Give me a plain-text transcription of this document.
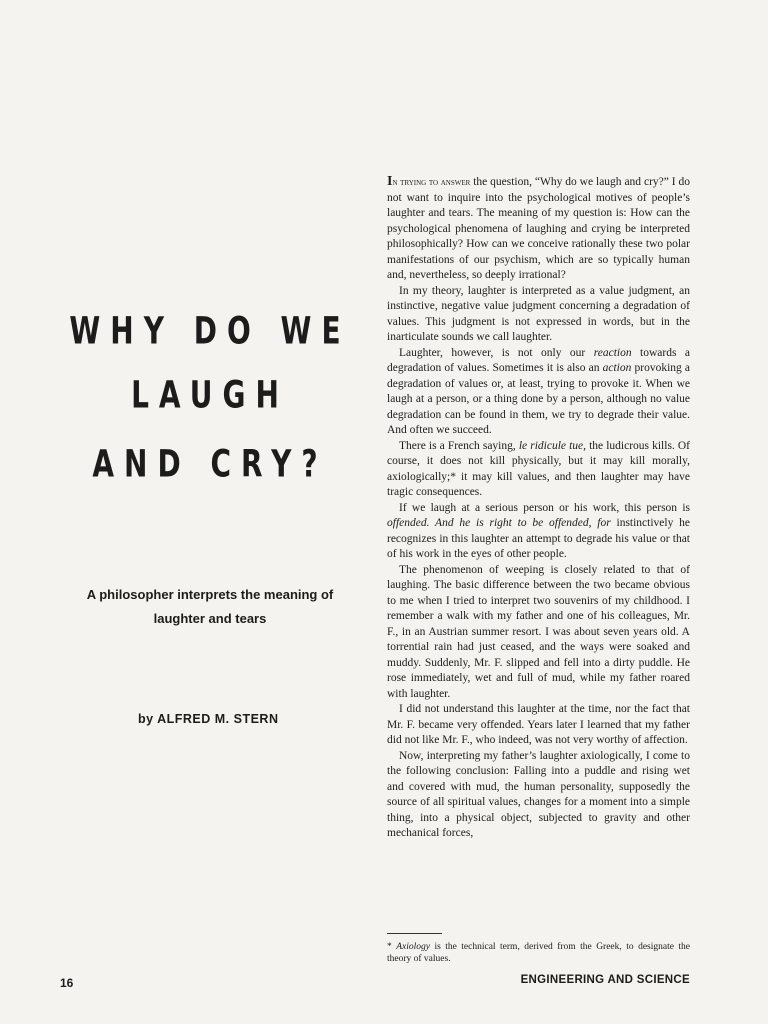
WHY DO WE
LAUGH
AND CRY?

A philosopher interprets the meaning of laughter and tears

by ALFRED M. STERN

In trying to answer the question, “Why do we laugh and cry?” I do not want to inquire into the psychological motives of people’s laughter and tears. The meaning of my question is: How can the psychological phenomena of laughing and crying be interpreted philosophically? How can we conceive rationally these two polar manifestations of our psychism, which are so typically human and, nevertheless, so deeply irrational?

In my theory, laughter is interpreted as a value judgment, an instinctive, negative value judgment concerning a degradation of values. This judgment is not expressed in words, but in the inarticulate sounds we call laughter.

Laughter, however, is not only our reaction towards a degradation of values. Sometimes it is also an action provoking a degradation of values or, at least, trying to provoke it. When we laugh at a person, or a thing done by a person, although no value degradation can be found in them, we try to degrade their value. And often we succeed.

There is a French saying, le ridicule tue, the ludicrous kills. Of course, it does not kill physically, but it may kill morally, axiologically;* it may kill values, and then laughter may have tragic consequences.

If we laugh at a serious person or his work, this person is offended. And he is right to be offended, for instinctively he recognizes in this laughter an attempt to degrade his value or that of his work in the eyes of other people.

The phenomenon of weeping is closely related to that of laughing. The basic difference between the two became obvious to me when I tried to interpret two souvenirs of my childhood. I remember a walk with my father and one of his colleagues, Mr. F., in an Austrian summer resort. I was about seven years old. A torrential rain had just ceased, and the ways were soaked and muddy. Suddenly, Mr. F. slipped and fell into a dirty puddle. He rose immediately, wet and full of mud, while my father roared with laughter.

I did not understand this laughter at the time, nor the fact that Mr. F. became very offended. Years later I learned that my father did not like Mr. F., who indeed, was not very worthy of affection.

Now, interpreting my father’s laughter axiologically, I come to the following conclusion: Falling into a puddle and rising wet and covered with mud, the human personality, supposedly the source of all spiritual values, changes for a moment into a simple thing, into a physical object, subjected to gravity and other mechanical forces,

* Axiology is the technical term, derived from the Greek, to designate the theory of values.

16	ENGINEERING AND SCIENCE
